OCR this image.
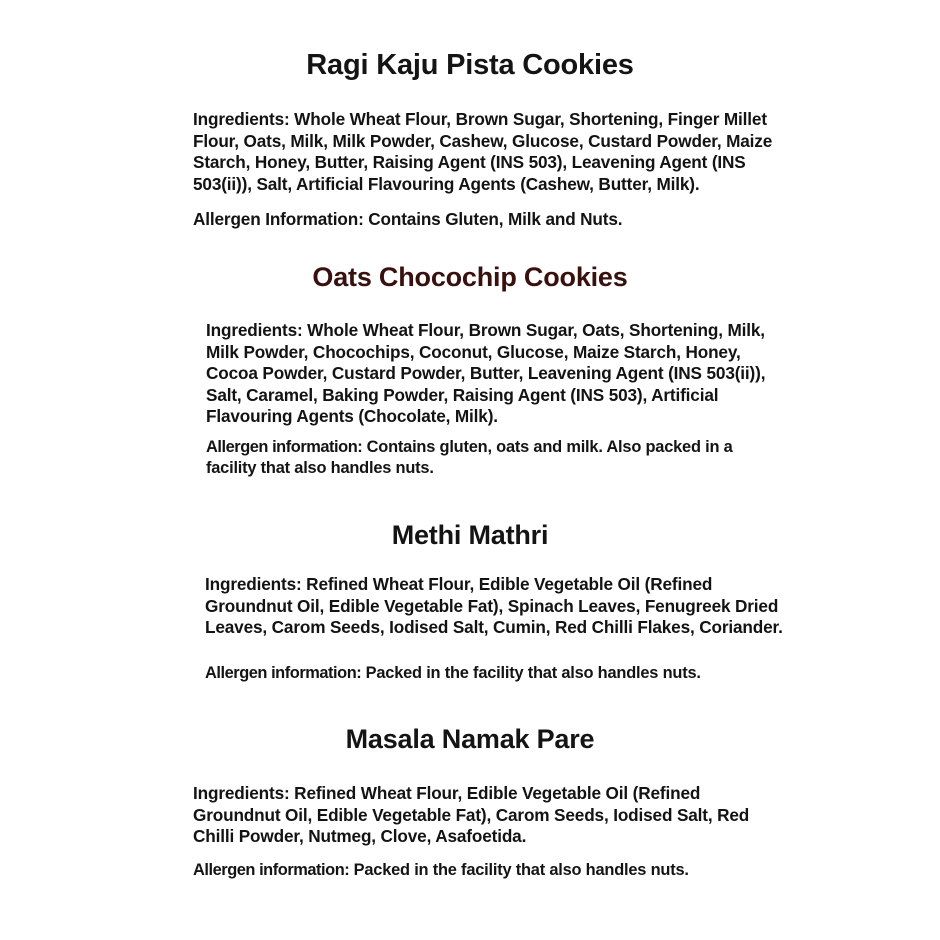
Ragi Kaju Pista Cookies

Ingredients: Whole Wheat Flour, Brown Sugar, Shortening, Finger Millet Flour, Oats, Milk, Milk Powder, Cashew, Glucose, Custard Powder, Maize Starch, Honey, Butter, Raising Agent (INS 503), Leavening Agent (INS 503(ii)), Salt, Artificial Flavouring Agents (Cashew, Butter, Milk).

Allergen Information: Contains Gluten, Milk and Nuts.

Oats Chocochip Cookies

Ingredients: Whole Wheat Flour, Brown Sugar, Oats, Shortening, Milk, Milk Powder, Chocochips, Coconut, Glucose, Maize Starch, Honey, Cocoa Powder, Custard Powder, Butter, Leavening Agent (INS 503(ii)), Salt, Caramel, Baking Powder, Raising Agent (INS 503), Artificial Flavouring Agents (Chocolate, Milk).

Allergen information: Contains gluten, oats and milk. Also packed in a facility that also handles nuts.

Methi Mathri

Ingredients: Refined Wheat Flour, Edible Vegetable Oil (Refined Groundnut Oil, Edible Vegetable Fat), Spinach Leaves, Fenugreek Dried Leaves, Carom Seeds, Iodised Salt, Cumin, Red Chilli Flakes, Coriander.

Allergen information: Packed in the facility that also handles nuts.

Masala Namak Pare

Ingredients: Refined Wheat Flour, Edible Vegetable Oil (Refined Groundnut Oil, Edible Vegetable Fat), Carom Seeds, Iodised Salt, Red Chilli Powder, Nutmeg, Clove, Asafoetida.

Allergen information: Packed in the facility that also handles nuts.
